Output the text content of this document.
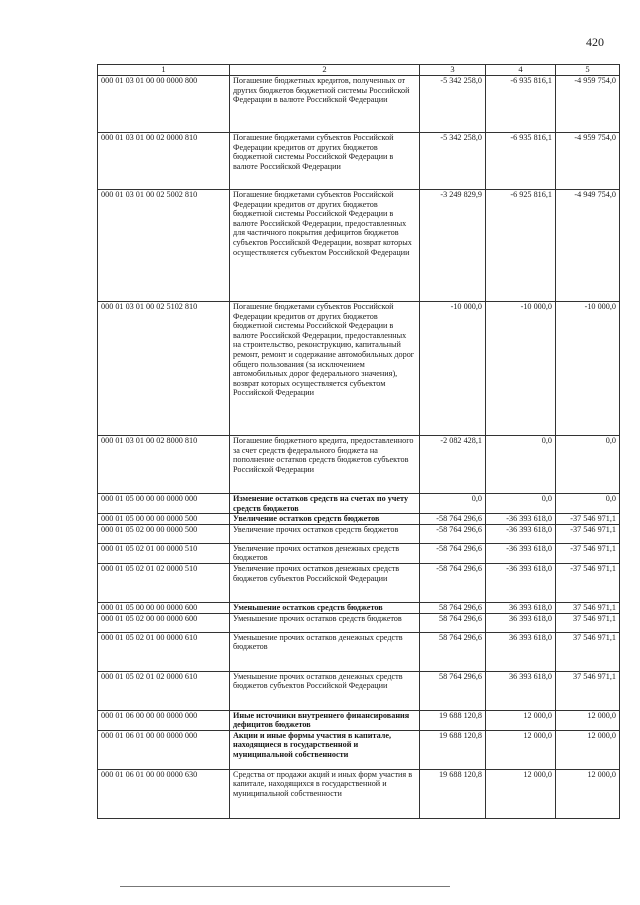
420
1	2	3	4	5
000 01 03 01 00 00 0000 800	Погашение бюджетных кредитов, полученных от других бюджетов бюджетной системы Российской Федерации в валюте Российской Федерации	-5 342 258,0	-6 935 816,1	-4 959 754,0
000 01 03 01 00 02 0000 810	Погашение бюджетами субъектов Российской Федерации кредитов от других бюджетов бюджетной системы Российской Федерации в валюте Российской Федерации	-5 342 258,0	-6 935 816,1	-4 959 754,0
000 01 03 01 00 02 5002 810	Погашение бюджетами субъектов Российской Федерации кредитов от других бюджетов бюджетной системы Российской Федерации в валюте Российской Федерации, предоставленных для частичного покрытия дефицитов бюджетов субъектов Российской Федерации, возврат которых осуществляется субъектом Российской Федерации	-3 249 829,9	-6 925 816,1	-4 949 754,0
000 01 03 01 00 02 5102 810	Погашение бюджетами субъектов Российской Федерации кредитов от других бюджетов бюджетной системы Российской Федерации в валюте Российской Федерации, предоставленных на строительство, реконструкцию, капитальный ремонт, ремонт и содержание автомобильных дорог общего пользования (за исключением автомобильных дорог федерального значения), возврат которых осуществляется субъектом Российской Федерации	-10 000,0	-10 000,0	-10 000,0
000 01 03 01 00 02 8000 810	Погашение бюджетного кредита, предоставленного за счет средств федерального бюджета на пополнение остатков средств бюджетов субъектов Российской Федерации	-2 082 428,1	0,0	0,0
000 01 05 00 00 00 0000 000	Изменение остатков средств на счетах по учету средств бюджетов	0,0	0,0	0,0
000 01 05 00 00 00 0000 500	Увеличение остатков средств бюджетов	-58 764 296,6	-36 393 618,0	-37 546 971,1
000 01 05 02 00 00 0000 500	Увеличение прочих остатков средств бюджетов	-58 764 296,6	-36 393 618,0	-37 546 971,1
000 01 05 02 01 00 0000 510	Увеличение прочих остатков денежных средств бюджетов	-58 764 296,6	-36 393 618,0	-37 546 971,1
000 01 05 02 01 02 0000 510	Увеличение прочих остатков денежных средств бюджетов субъектов Российской Федерации	-58 764 296,6	-36 393 618,0	-37 546 971,1
000 01 05 00 00 00 0000 600	Уменьшение остатков средств бюджетов	58 764 296,6	36 393 618,0	37 546 971,1
000 01 05 02 00 00 0000 600	Уменьшение прочих остатков средств бюджетов	58 764 296,6	36 393 618,0	37 546 971,1
000 01 05 02 01 00 0000 610	Уменьшение прочих остатков денежных средств бюджетов	58 764 296,6	36 393 618,0	37 546 971,1
000 01 05 02 01 02 0000 610	Уменьшение прочих остатков денежных средств бюджетов субъектов Российской Федерации	58 764 296,6	36 393 618,0	37 546 971,1
000 01 06 00 00 00 0000 000	Иные источники внутреннего финансирования дефицитов бюджетов	19 688 120,8	12 000,0	12 000,0
000 01 06 01 00 00 0000 000	Акции и иные формы участия в капитале, находящиеся в государственной и муниципальной собственности	19 688 120,8	12 000,0	12 000,0
000 01 06 01 00 00 0000 630	Средства от продажи акций и иных форм участия в капитале, находящихся в государственной и муниципальной собственности	19 688 120,8	12 000,0	12 000,0
